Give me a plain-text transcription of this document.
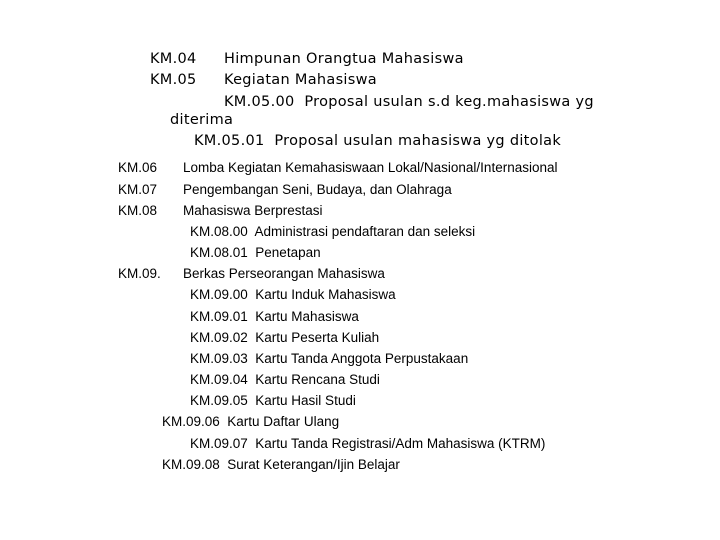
KM.04 Himpunan Orangtua Mahasiswa
KM.05 Kegiatan Mahasiswa
KM.05.00  Proposal usulan s.d keg.mahasiswa yg
diterima
KM.05.01  Proposal usulan mahasiswa yg ditolak
KM.06 Lomba Kegiatan Kemahasiswaan Lokal/Nasional/Internasional
KM.07 Pengembangan Seni, Budaya, dan Olahraga
KM.08 Mahasiswa Berprestasi
KM.08.00  Administrasi pendaftaran dan seleksi
KM.08.01  Penetapan
KM.09. Berkas Perseorangan Mahasiswa
KM.09.00  Kartu Induk Mahasiswa
KM.09.01  Kartu Mahasiswa
KM.09.02  Kartu Peserta Kuliah
KM.09.03  Kartu Tanda Anggota Perpustakaan
KM.09.04  Kartu Rencana Studi
KM.09.05  Kartu Hasil Studi
KM.09.06  Kartu Daftar Ulang
KM.09.07  Kartu Tanda Registrasi/Adm Mahasiswa (KTRM)
KM.09.08  Surat Keterangan/Ijin Belajar
